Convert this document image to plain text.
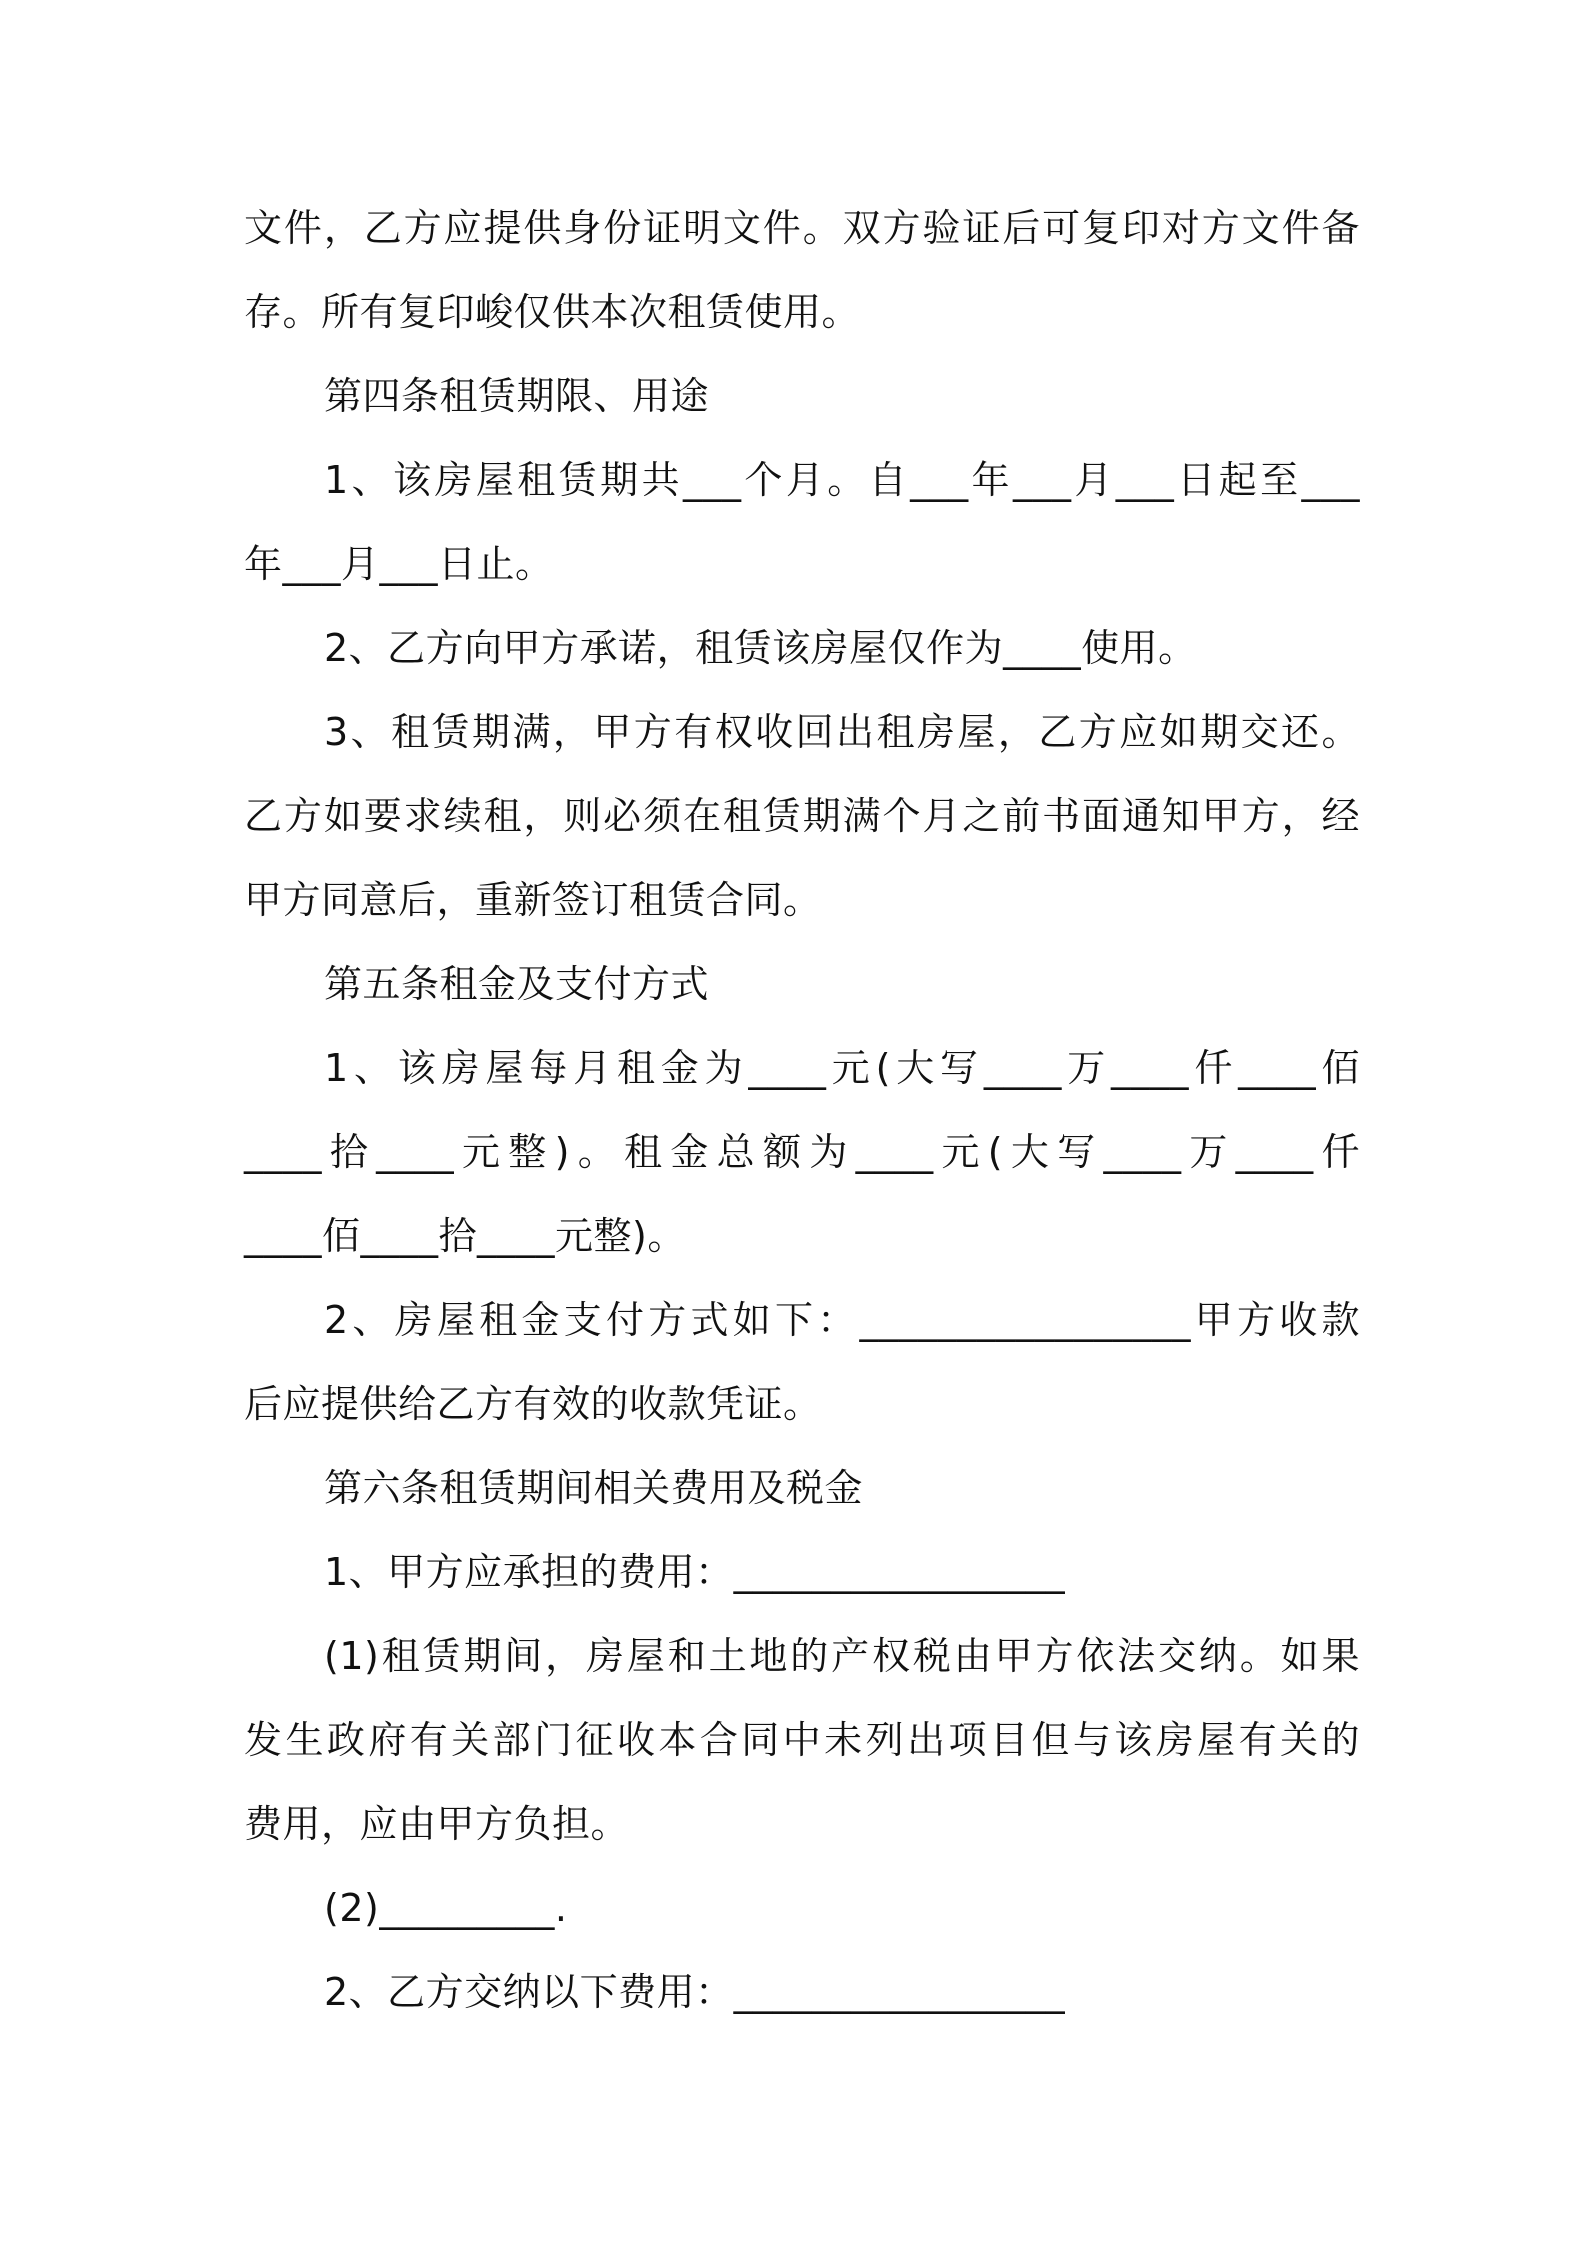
文件，乙方应提供身份证明文件。双方验证后可复印对方文件备
存。所有复印峻仅供本次租赁使用。
第四条租赁期限、用途
1、该房屋租赁期共___个月。自___年___月___日起至___
年___月___日止。
2、乙方向甲方承诺，租赁该房屋仅作为____使用。
3、租赁期满，甲方有权收回出租房屋，乙方应如期交还。
乙方如要求续租，则必须在租赁期满个月之前书面通知甲方，经
甲方同意后，重新签订租赁合同。
第五条租金及支付方式
1、该房屋每月租金为____元(大写____万____仟____佰
____拾____元整)。租金总额为____元(大写____万____仟
____佰____拾____元整)。
2、房屋租金支付方式如下：_________________甲方收款
后应提供给乙方有效的收款凭证。
第六条租赁期间相关费用及税金
1、甲方应承担的费用：_________________
(1)租赁期间，房屋和土地的产权税由甲方依法交纳。如果
发生政府有关部门征收本合同中未列出项目但与该房屋有关的
费用，应由甲方负担。
(2)_________.
2、乙方交纳以下费用：_________________
